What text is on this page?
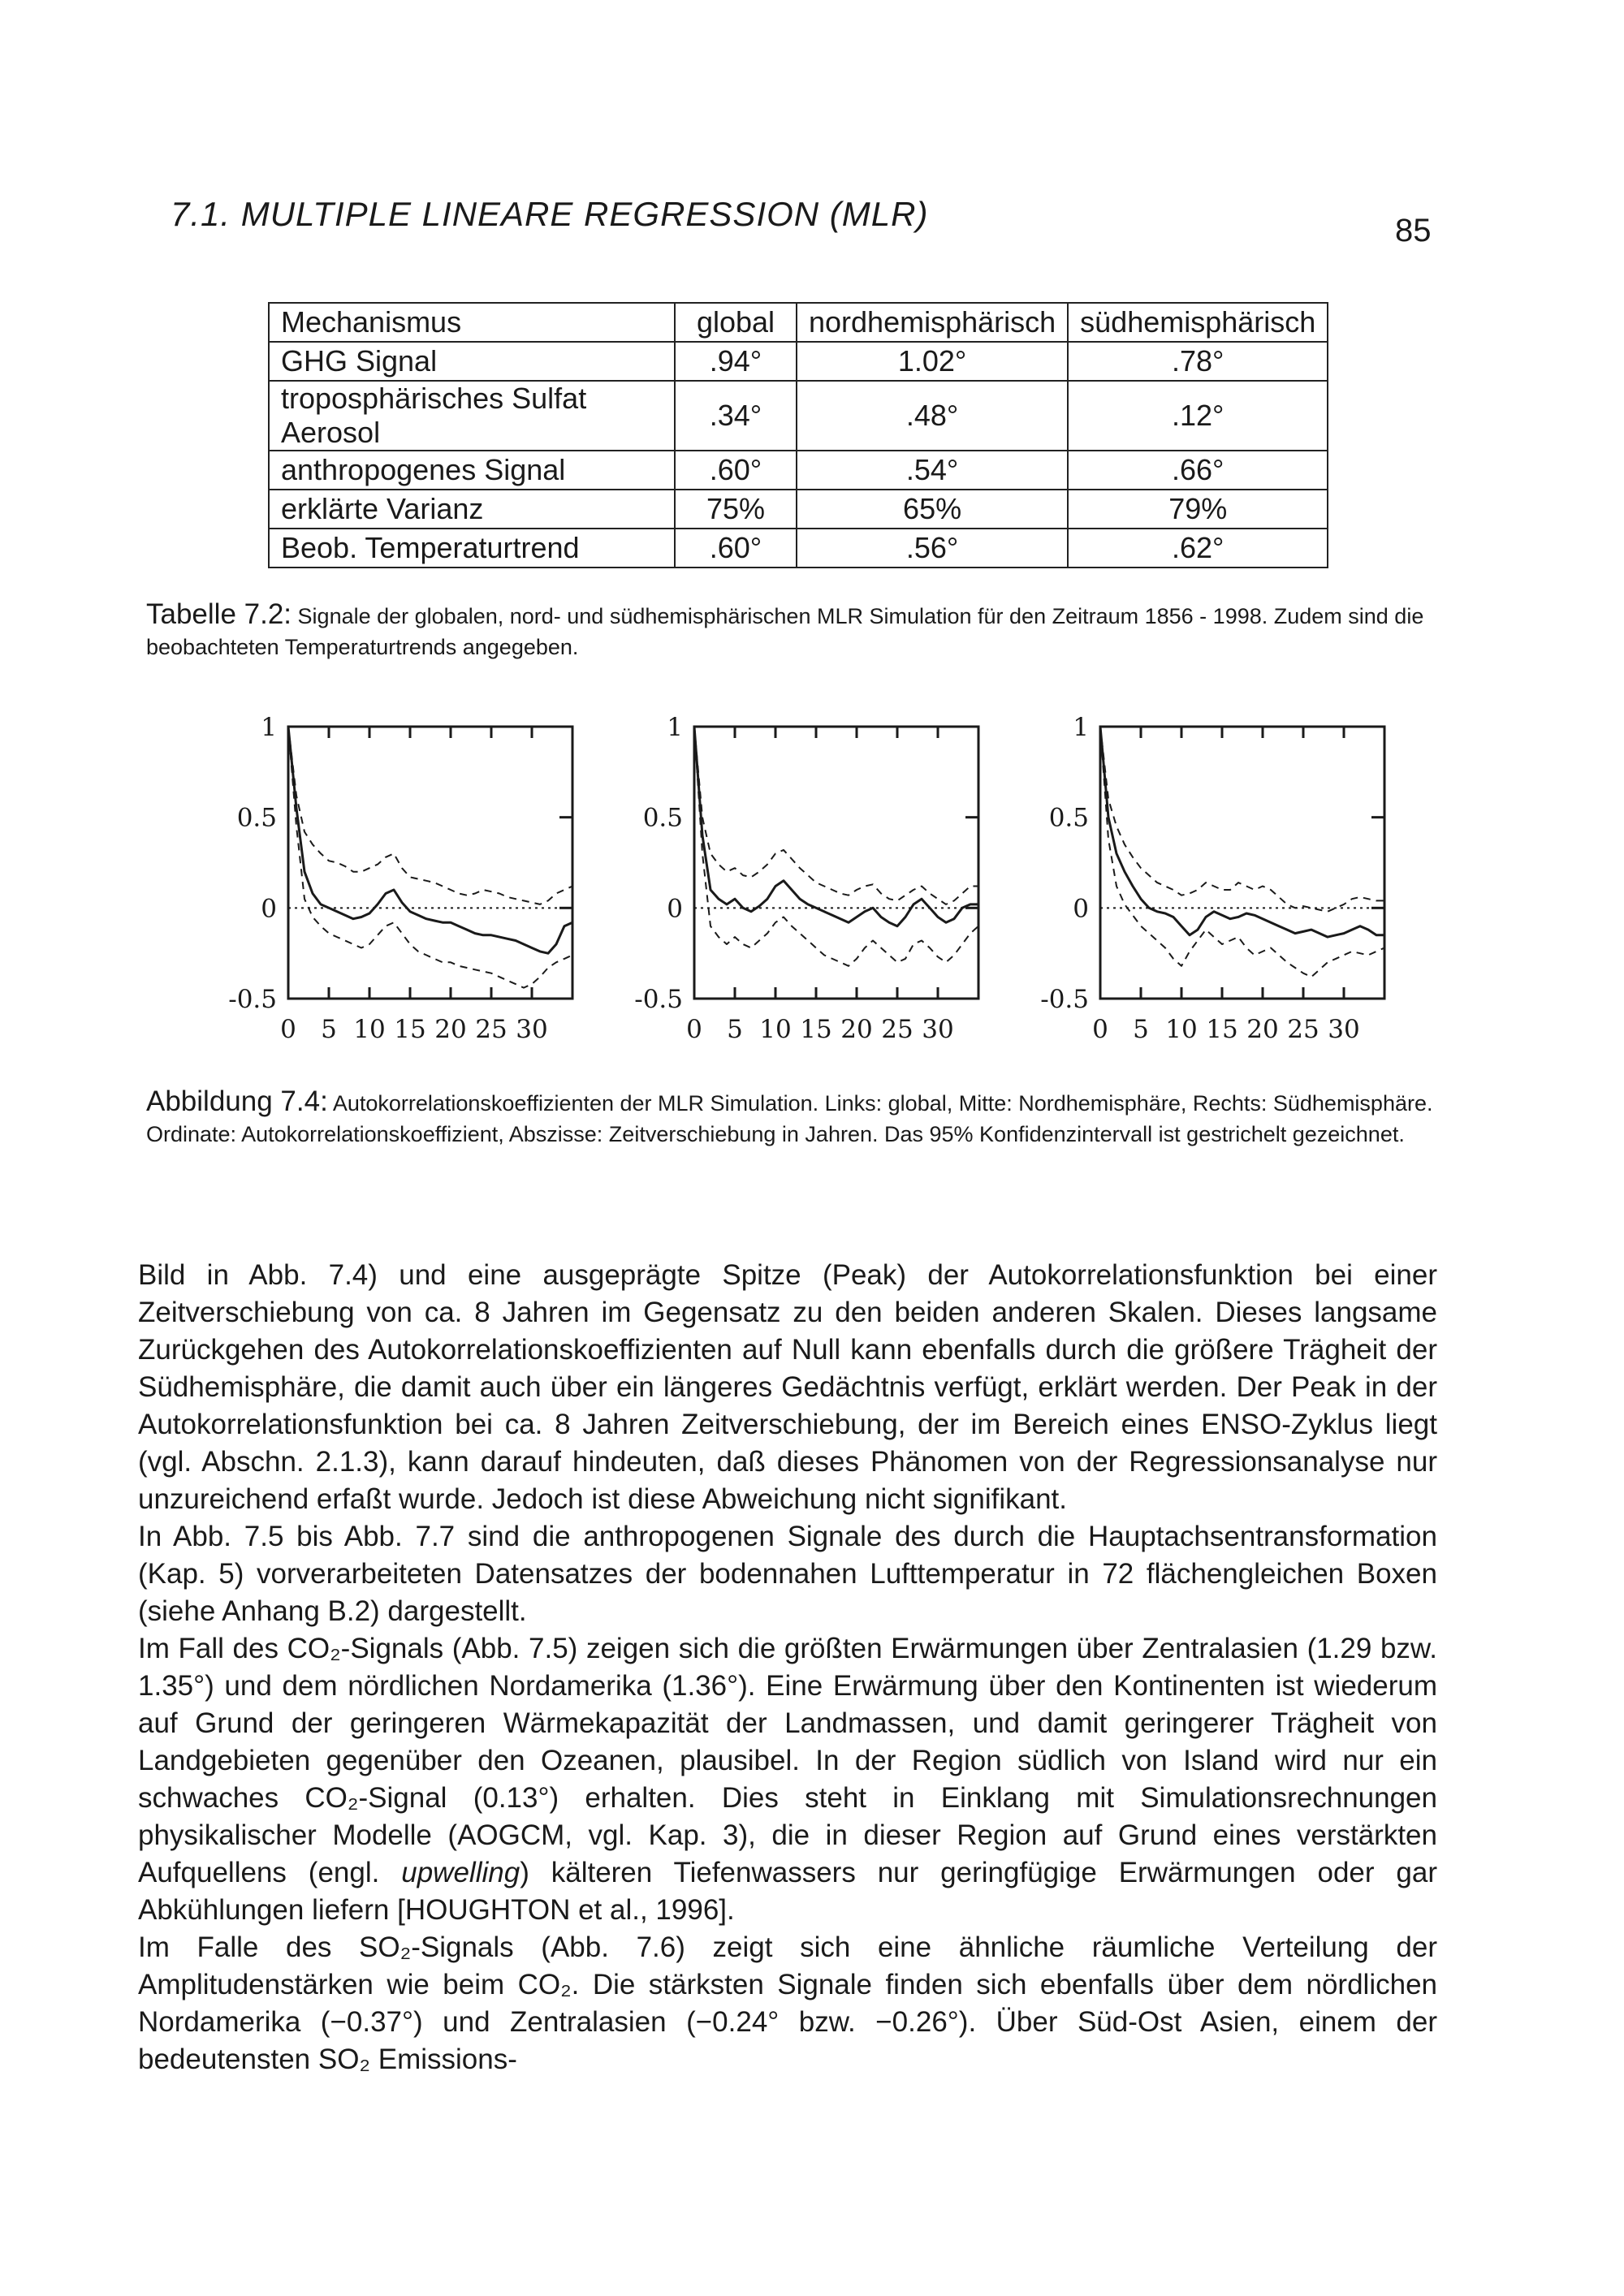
7.1. MULTIPLE LINEARE REGRESSION (MLR)	85
Mechanismus	global	nordhemisphärisch	südhemisphärisch
GHG Signal	.94°	1.02°	.78°
troposphärisches Sulfat Aerosol	.34°	.48°	.12°
anthropogenes Signal	.60°	.54°	.66°
erklärte Varianz	75%	65%	79%
Beob. Temperaturtrend	.60°	.56°	.62°
Tabelle 7.2: Signale der globalen, nord- und südhemisphärischen MLR Simulation für den Zeitraum 1856 - 1998. Zudem sind die beobachteten Temperaturtrends angegeben.
0 5 10 15 20 25 30
1
0.5
0
-0.5
0 5 10 15 20 25 30
1
0.5
0
-0.5
0 5 10 15 20 25 30
1
0.5
0
-0.5
Abbildung 7.4: Autokorrelationskoeffizienten der MLR Simulation. Links: global, Mitte: Nordhemisphäre, Rechts: Südhemisphäre. Ordinate: Autokorrelationskoeffizient, Abszisse: Zeitverschiebung in Jahren. Das 95% Konfidenzintervall ist gestrichelt gezeichnet.

Bild in Abb. 7.4) und eine ausgeprägte Spitze (Peak) der Autokorrelationsfunktion bei einer Zeitverschiebung von ca. 8 Jahren im Gegensatz zu den beiden anderen Skalen. Dieses langsame Zurückgehen des Autokorrelationskoeffizienten auf Null kann ebenfalls durch die größere Trägheit der Südhemisphäre, die damit auch über ein längeres Gedächtnis verfügt, erklärt werden. Der Peak in der Autokorrelationsfunktion bei ca. 8 Jahren Zeitverschiebung, der im Bereich eines ENSO-Zyklus liegt (vgl. Abschn. 2.1.3), kann darauf hindeuten, daß dieses Phänomen von der Regressionsanalyse nur unzureichend erfaßt wurde. Jedoch ist diese Abweichung nicht signifikant.

In Abb. 7.5 bis Abb. 7.7 sind die anthropogenen Signale des durch die Hauptachsentransformation (Kap. 5) vorverarbeiteten Datensatzes der bodennahen Lufttemperatur in 72 flächengleichen Boxen (siehe Anhang B.2) dargestellt.

Im Fall des CO₂-Signals (Abb. 7.5) zeigen sich die größten Erwärmungen über Zentralasien (1.29 bzw. 1.35°) und dem nördlichen Nordamerika (1.36°). Eine Erwärmung über den Kontinenten ist wiederum auf Grund der geringeren Wärmekapazität der Landmassen, und damit geringerer Trägheit von Landgebieten gegenüber den Ozeanen, plausibel. In der Region südlich von Island wird nur ein schwaches CO₂-Signal (0.13°) erhalten. Dies steht in Einklang mit Simulationsrechnungen physikalischer Modelle (AOGCM, vgl. Kap. 3), die in dieser Region auf Grund eines verstärkten Aufquellens (engl. upwelling) kälteren Tiefenwassers nur geringfügige Erwärmungen oder gar Abkühlungen liefern [HOUGHTON et al., 1996].

Im Falle des SO₂-Signals (Abb. 7.6) zeigt sich eine ähnliche räumliche Verteilung der Amplitudenstärken wie beim CO₂. Die stärksten Signale finden sich ebenfalls über dem nördlichen Nordamerika (−0.37°) und Zentralasien (−0.24° bzw. −0.26°). Über Süd-Ost Asien, einem der bedeutensten SO₂ Emissions-
